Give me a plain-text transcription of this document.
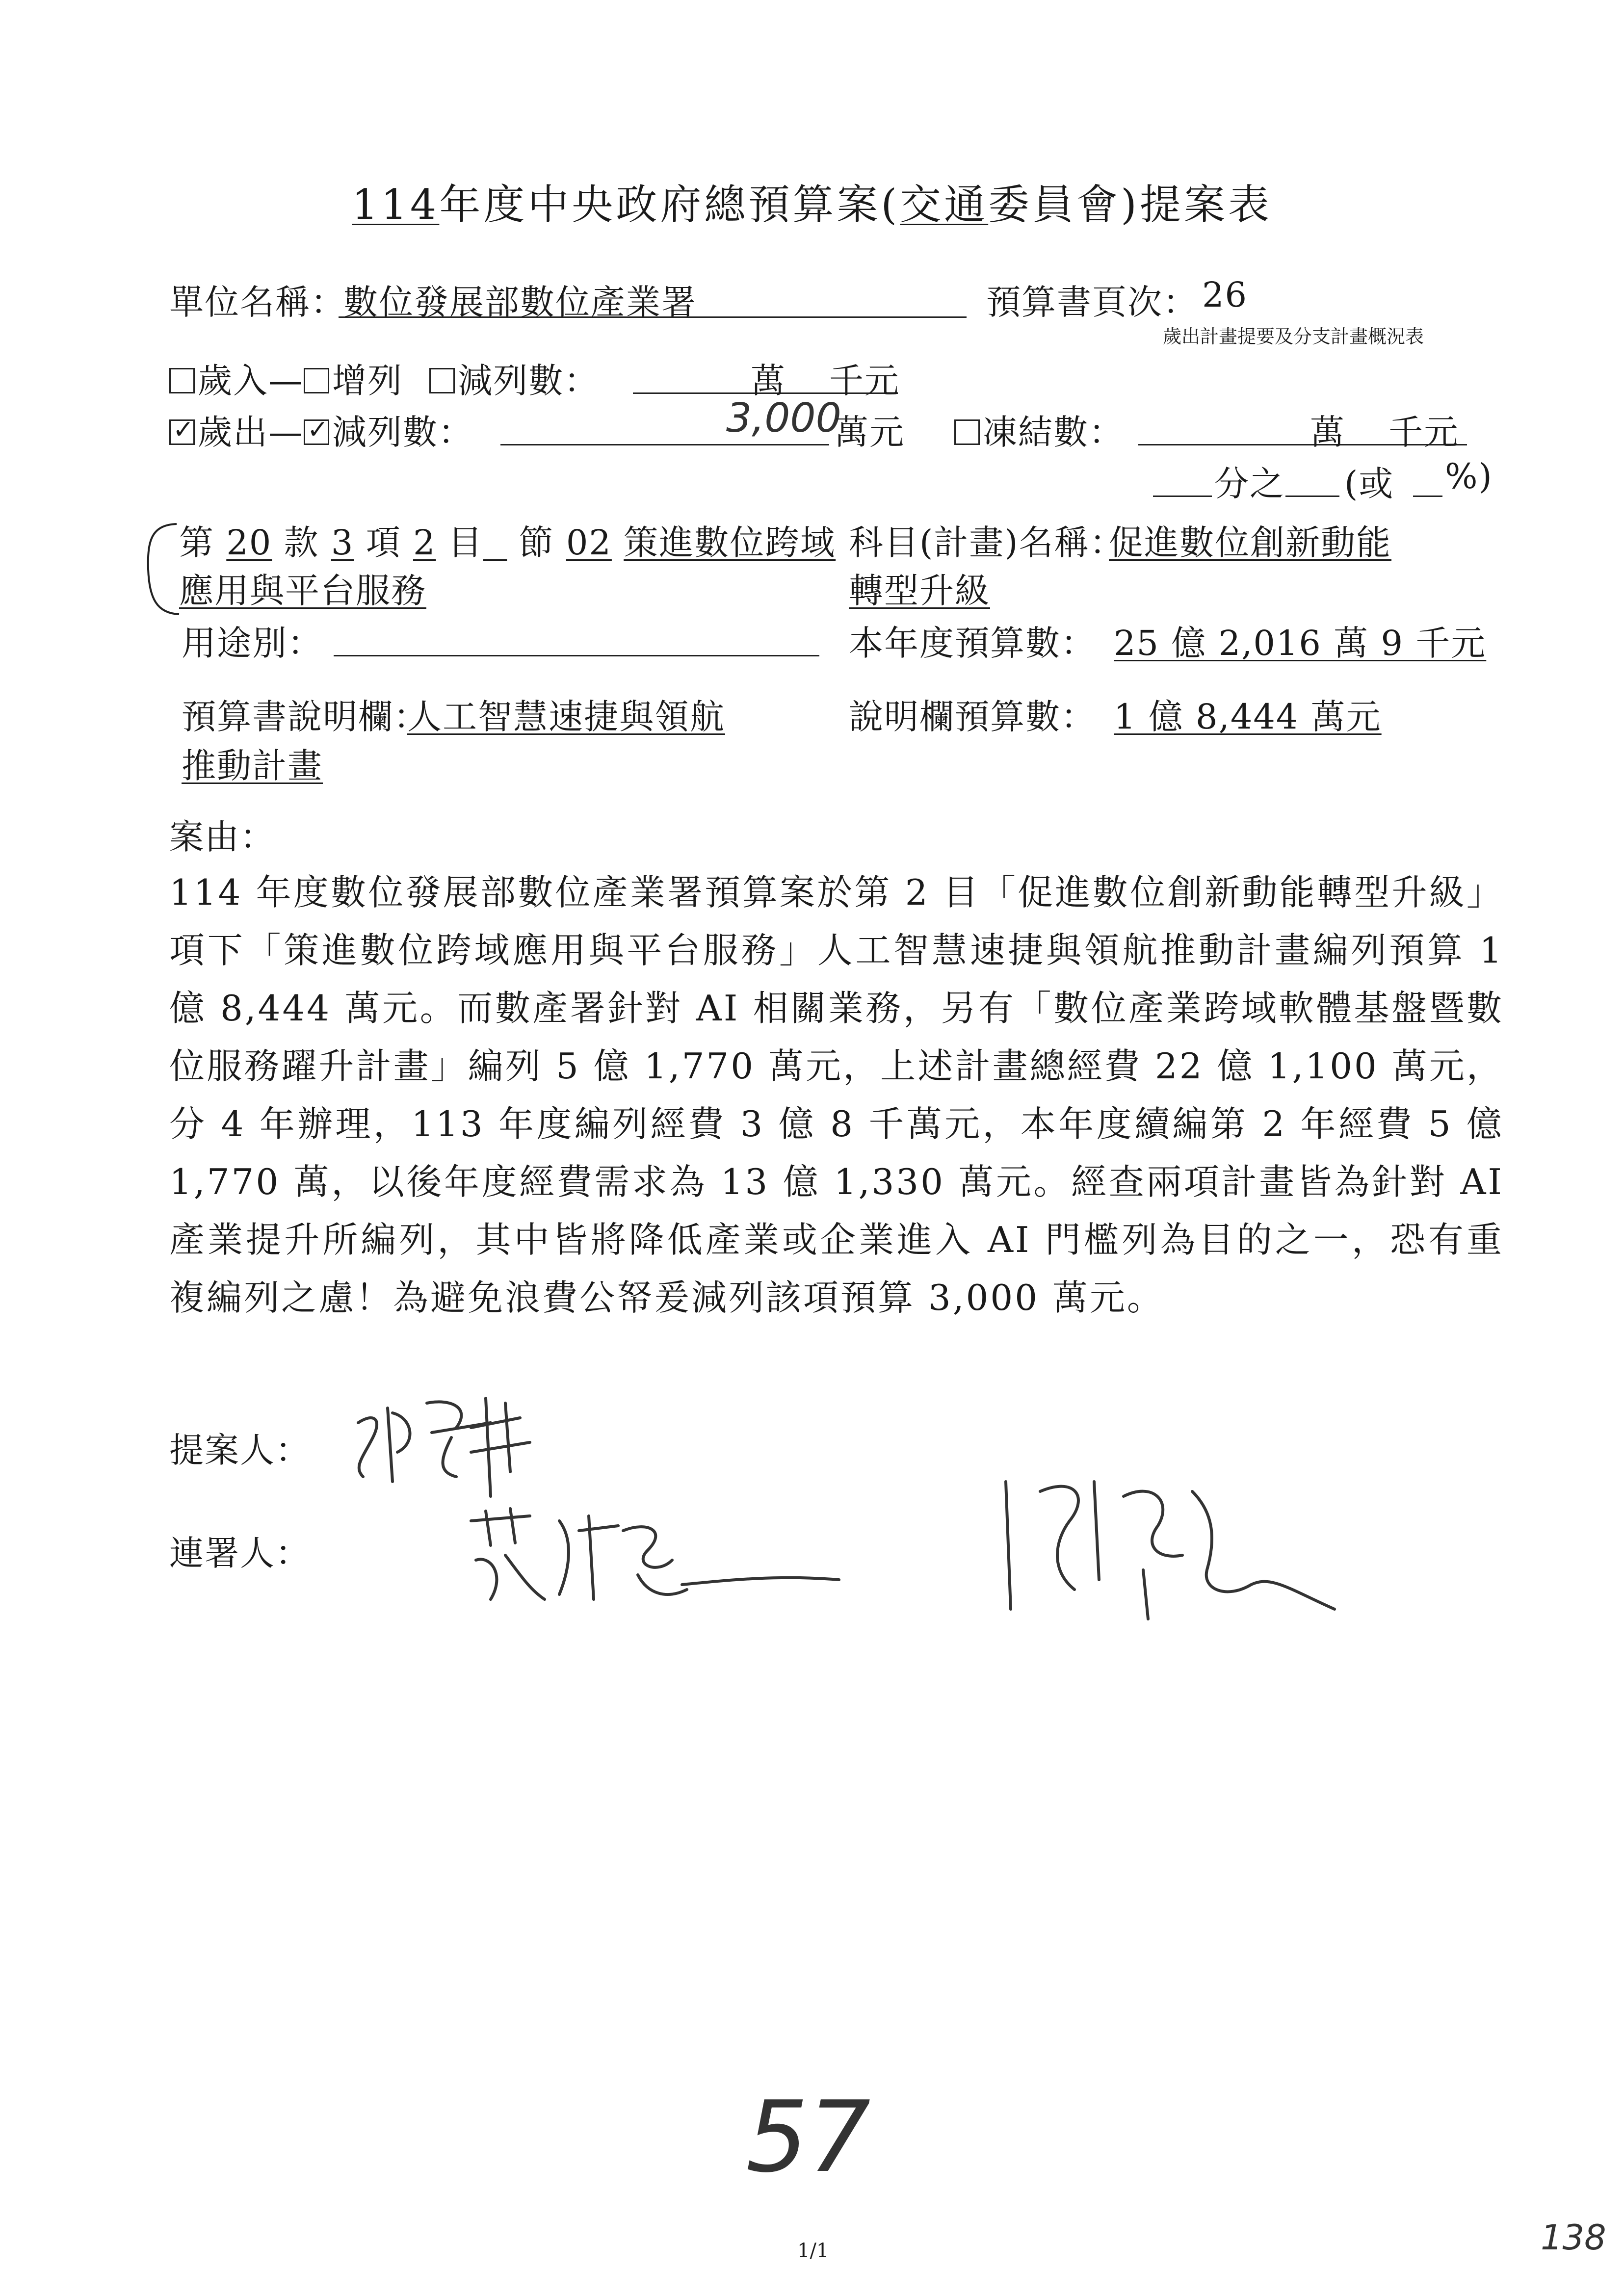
114年度中央政府總預算案(交通委員會)提案表
單位名稱：
數位發展部數位產業署	預算書頁次： 26
歲出計畫提要及分支計畫概況表
歲入— 增列 減列數：	萬 千元
✓歲出—✓ 減列數：	3,000
萬元	凍結數：	萬 千元
分之 (或 %)
第 20 款 3 項 2 目 節 02 策進數位跨域
應用與平台服務
科目(計畫)名稱：
促進數位創新動能
轉型升級
用途別：	本年度預算數： 25 億 2,016 萬 9 千元
預算書說明欄：
人工智慧速捷與領航
推動計畫
說明欄預算數： 1 億 8,444 萬元
案由：
114 年度數位發展部數位產業署預算案於第 2 目「促進數位創新動能轉型升級」項下「策進數位跨域應用與平台服務」人工智慧速捷與領航推動計畫編列預算 1 億 8,444 萬元。而數產署針對 AI 相關業務，另有「數位產業跨域軟體基盤暨數位服務躍升計畫」編列 5 億 1,770 萬元，上述計畫總經費 22 億 1,100 萬元，分 4 年辦理，113 年度編列經費 3 億 8 千萬元，本年度續編第 2 年經費 5 億 1,770 萬，以後年度經費需求為 13 億 1,330 萬元。經查兩項計畫皆為針對 AI 產業提升所編列，其中皆將降低產業或企業進入 AI 門檻列為目的之一，恐有重複編列之慮！為避免浪費公帑爰減列該項預算 3,000 萬元。
提案人：
連署人：
57
1/1	138
